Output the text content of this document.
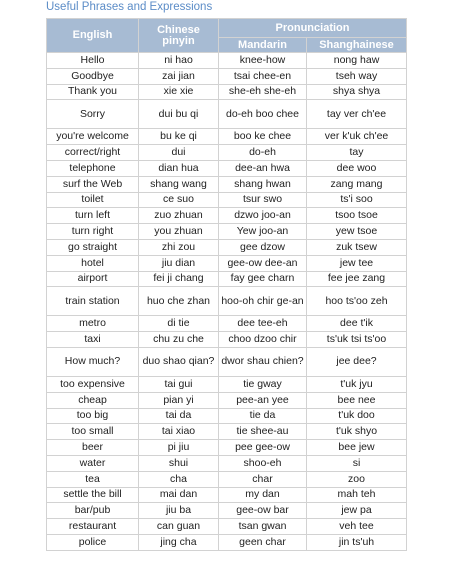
Useful Phrases and Expressions
English	Chinese pinyin	Pronunciation	
		Mandarin	Shanghainese
Hello	ni hao	knee-how	nong haw
Goodbye	zai jian	tsai chee-en	tseh way
Thank you	xie xie	she-eh she-eh	shya shya
Sorry	dui bu qi	do-eh boo chee	tay ver ch'ee
you're welcome	bu ke qi	boo ke chee	ver k'uk ch'ee
correct/right	dui	do-eh	tay
telephone	dian hua	dee-an hwa	dee woo
surf the Web	shang wang	shang hwan	zang mang
toilet	ce suo	tsur swo	ts'i soo
turn left	zuo zhuan	dzwo joo-an	tsoo tsoe
turn right	you zhuan	Yew joo-an	yew tsoe
go straight	zhi zou	gee dzow	zuk tsew
hotel	jiu dian	gee-ow dee-an	jew tee
airport	fei ji chang	fay gee charn	fee jee zang
train station	huo che zhan	hoo-oh chir ge-an	hoo ts'oo zeh
metro	di tie	dee tee-eh	dee t'ik
taxi	chu zu che	choo dzoo chir	ts'uk tsi ts'oo
How much?	duo shao qian?	dwor shau chien?	jee dee?
too expensive	tai gui	tie gway	t'uk jyu
cheap	pian yi	pee-an yee	bee nee
too big	tai da	tie da	t'uk doo
too small	tai xiao	tie shee-au	t'uk shyo
beer	pi jiu	pee gee-ow	bee jew
water	shui	shoo-eh	si
tea	cha	char	zoo
settle the bill	mai dan	my dan	mah teh
bar/pub	jiu ba	gee-ow bar	jew pa
restaurant	can guan	tsan gwan	veh tee
police	jing cha	geen char	jin ts'uh
